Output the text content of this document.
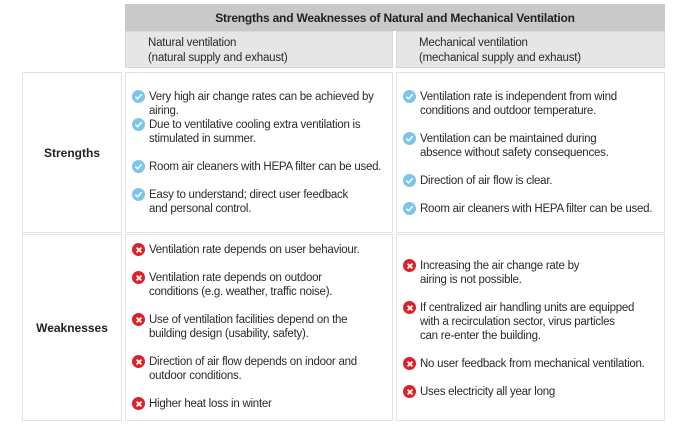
Strengths and Weaknesses of Natural and Mechanical Ventilation
Natural ventilation
(natural supply and exhaust)
Mechanical ventilation
(mechanical supply and exhaust)
Strengths
Very high air change rates can be achieved by airing.
Due to ventilative cooling extra ventilation is stimulated in summer.
Room air cleaners with HEPA filter can be used.
Easy to understand; direct user feedback and personal control.
Ventilation rate is independent from wind conditions and outdoor temperature.
Ventilation can be maintained during absence without safety consequences.
Direction of air flow is clear.
Room air cleaners with HEPA filter can be used.
Weaknesses
Ventilation rate depends on user behaviour.
Ventilation rate depends on outdoor conditions (e.g. weather, traffic noise).
Use of ventilation facilities depend on the building design (usability, safety).
Direction of air flow depends on indoor and outdoor conditions.
Higher heat loss in winter
Increasing the air change rate by airing is not possible.
If centralized air handling units are equipped with a recirculation sector, virus particles can re-enter the building.
No user feedback from mechanical ventilation.
Uses electricity all year long
